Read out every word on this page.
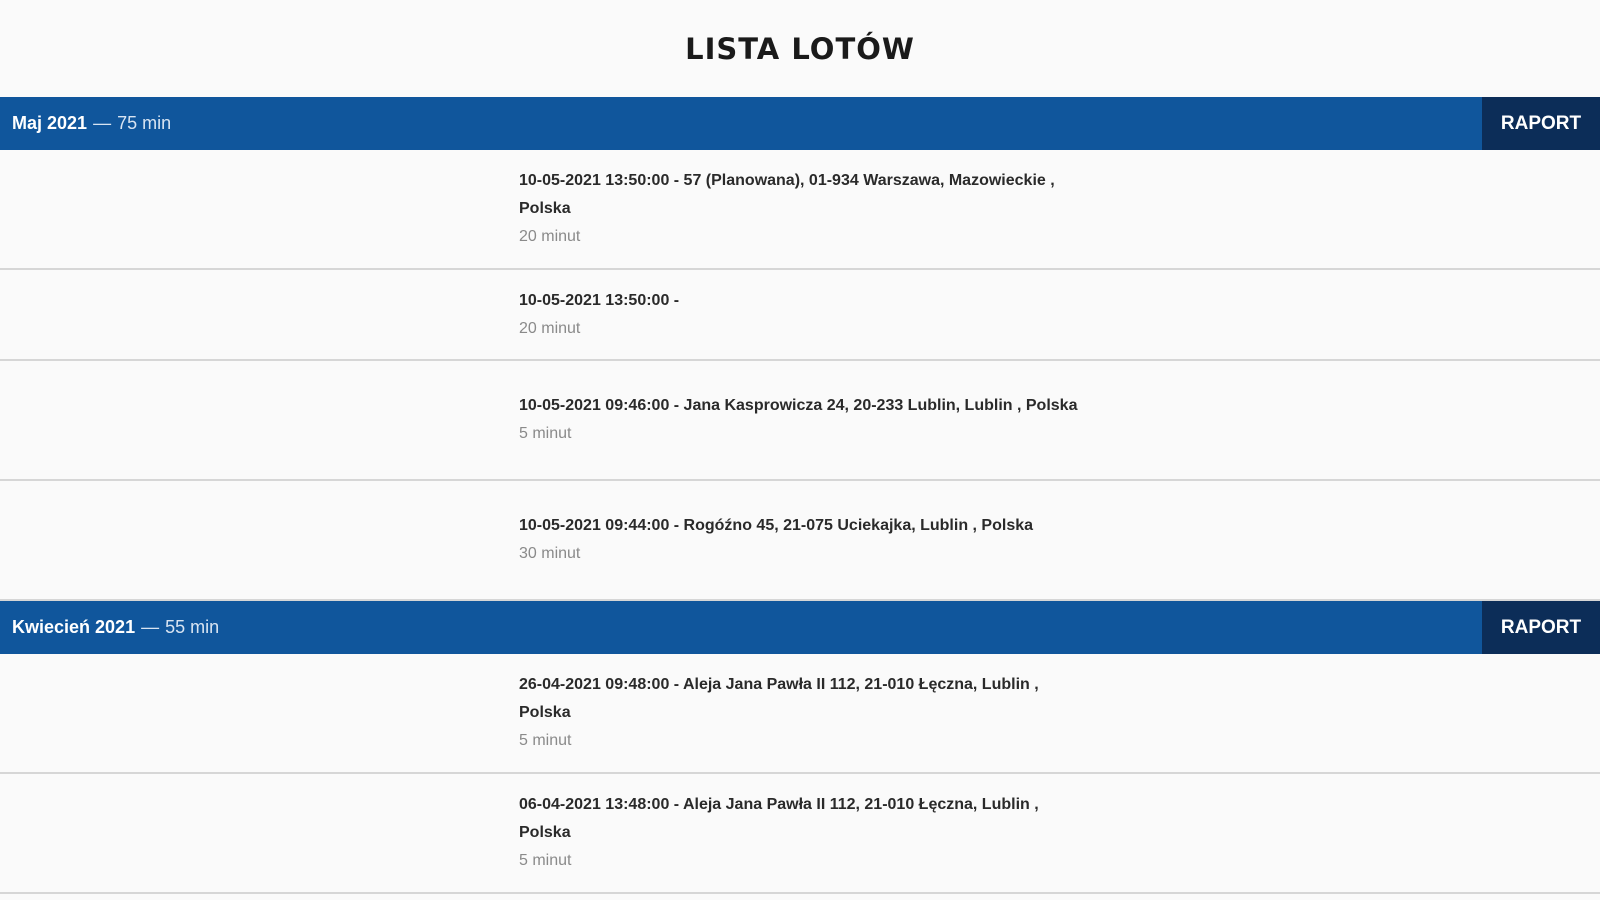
LISTA LOTÓW
Maj 2021 — 75 min	RAPORT
10-05-2021 13:50:00 - 57 (Planowana), 01-934 Warszawa, Mazowieckie , Polska
20 minut
10-05-2021 13:50:00 -
20 minut
10-05-2021 09:46:00 - Jana Kasprowicza 24, 20-233 Lublin, Lublin , Polska
5 minut
10-05-2021 09:44:00 - Rogóźno 45, 21-075 Uciekajka, Lublin , Polska
30 minut
Kwiecień 2021 — 55 min	RAPORT
26-04-2021 09:48:00 - Aleja Jana Pawła II 112, 21-010 Łęczna, Lublin , Polska
5 minut
06-04-2021 13:48:00 - Aleja Jana Pawła II 112, 21-010 Łęczna, Lublin , Polska
5 minut
